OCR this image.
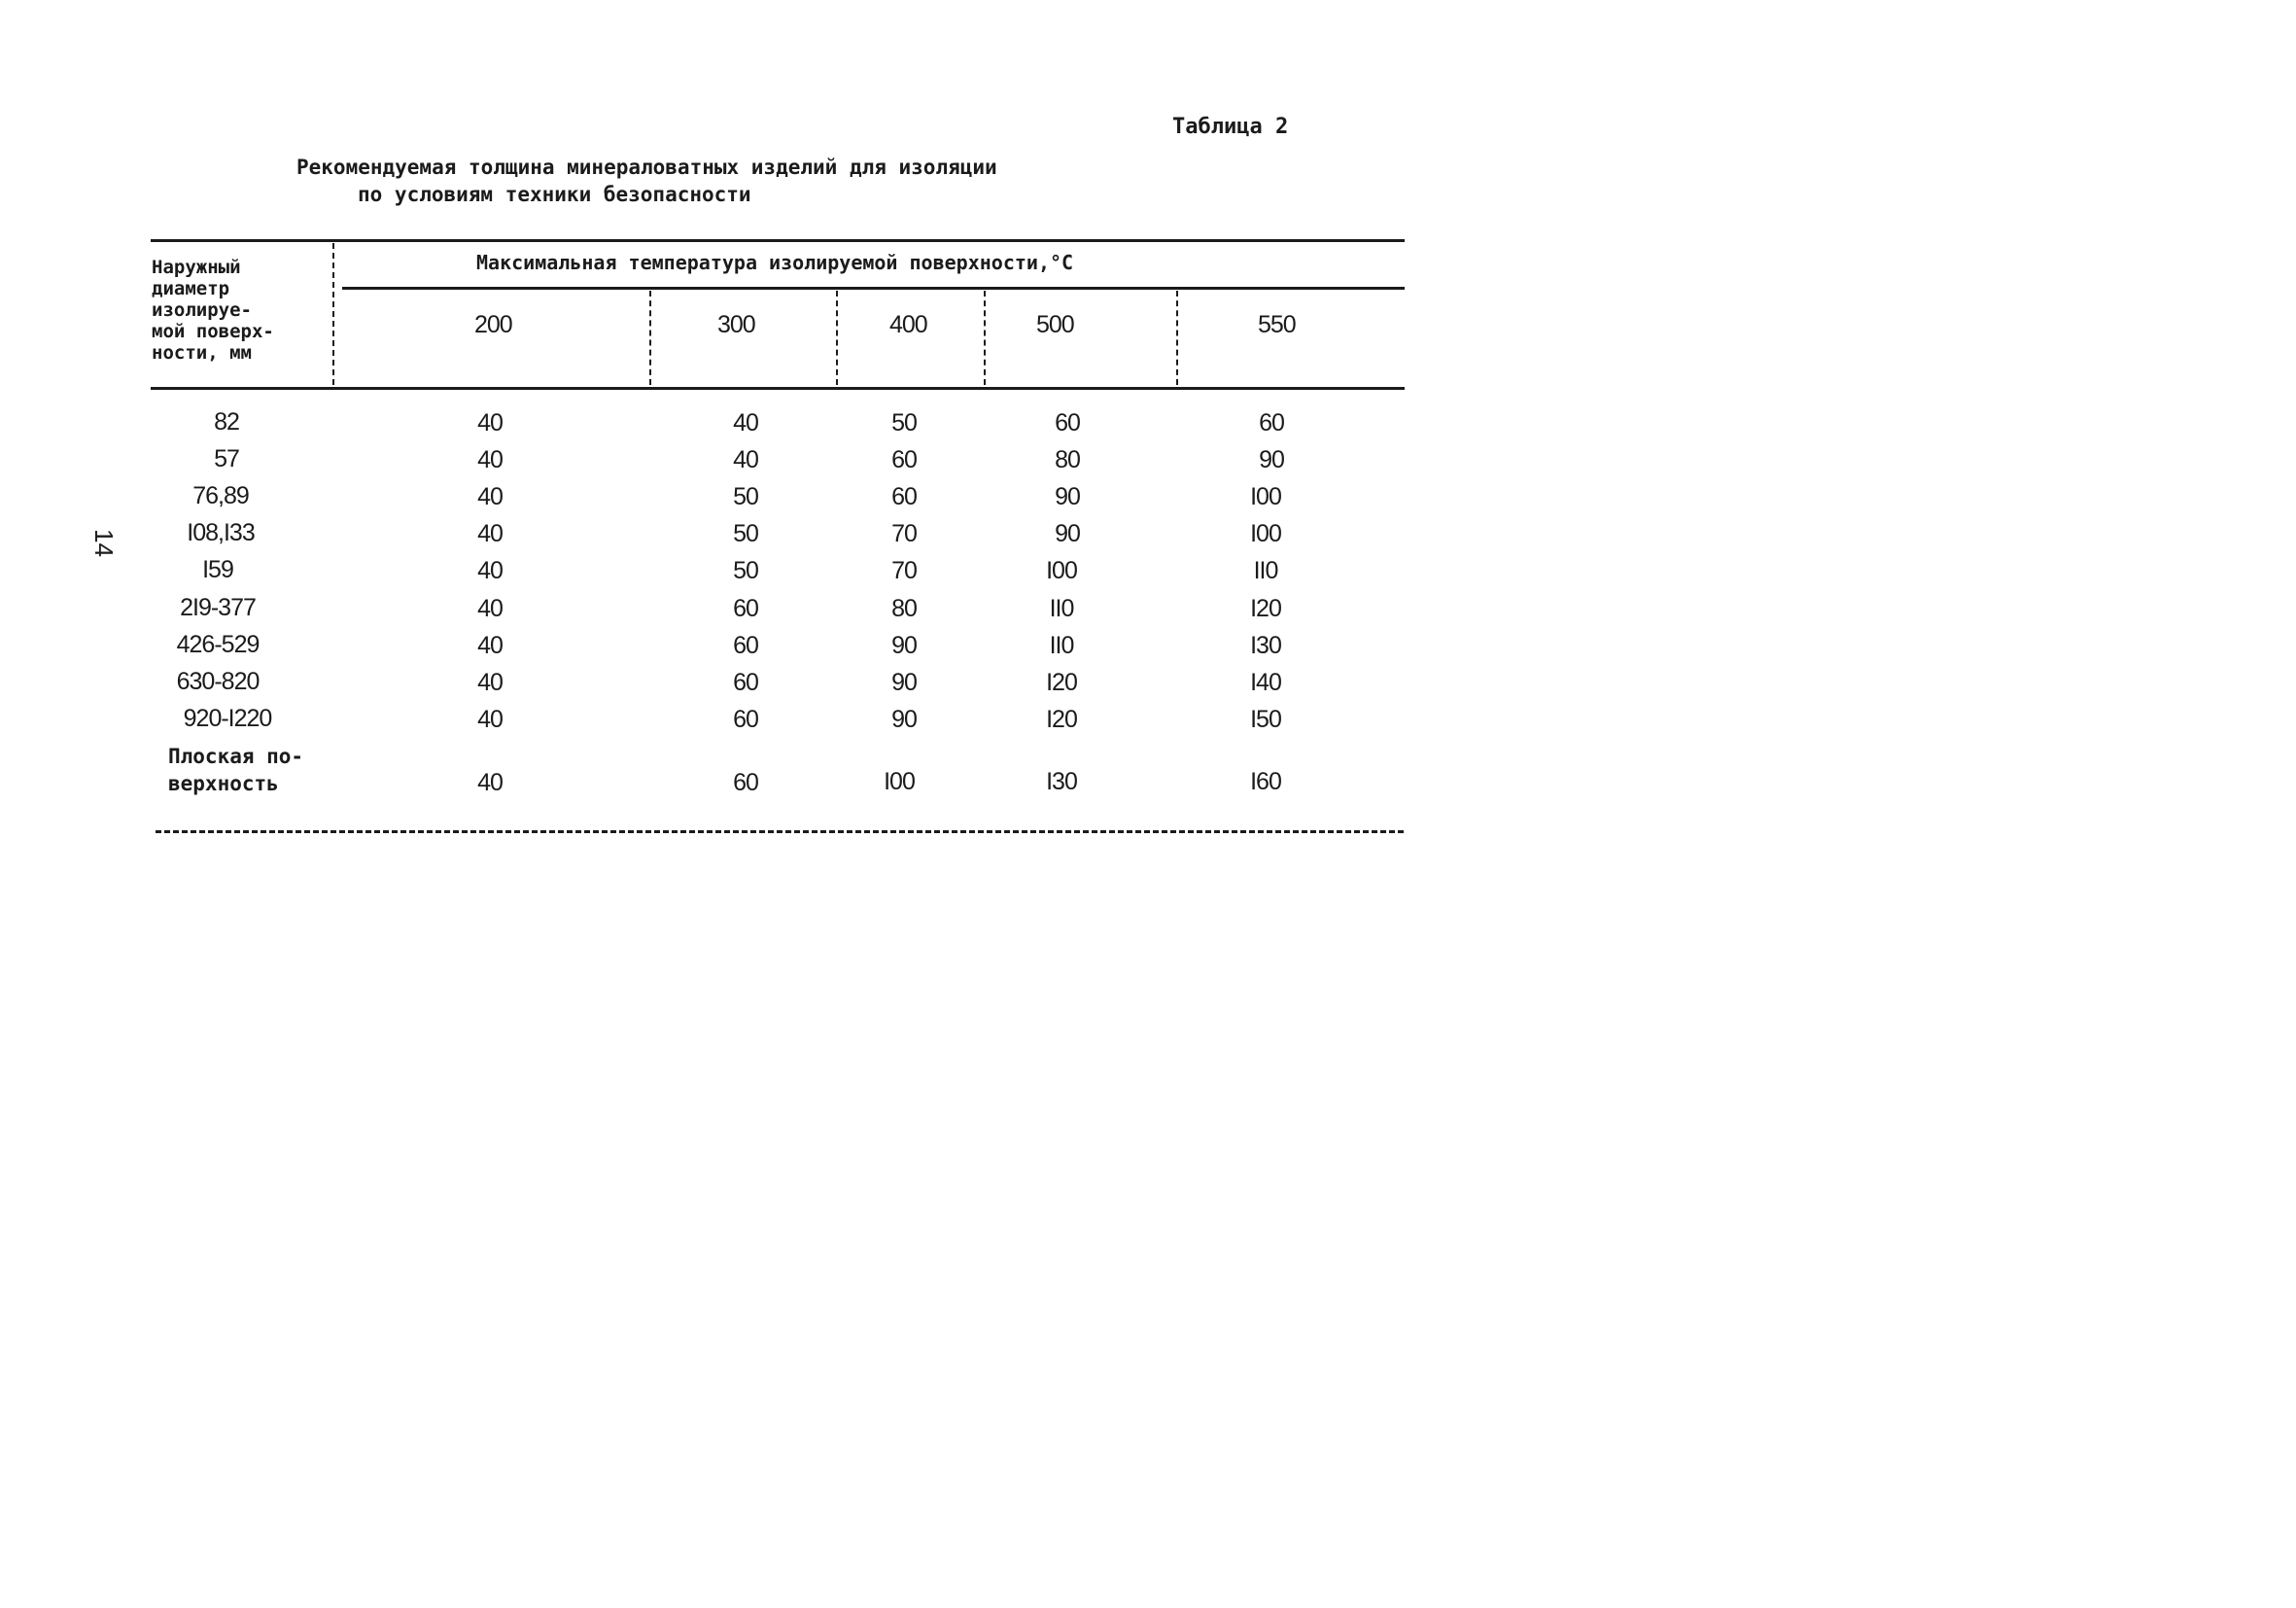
Таблица 2
Рекомендуемая толщина минераловатных изделий для изоляции
по условиям техники безопасности
14
Наружный
диаметр
изолируе-
мой поверх-
ности, мм
Максимальная температура изолируемой поверхности,°C
200	300	400	500	550
82	40	40	50	60	60
57	40	40	60	80	90
76,89	40	50	60	90	I00
I08,I33	40	50	70	90	I00
I59	40	50	70	I00	II0
2I9-377	40	60	80	II0	I20
426-529	40	60	90	II0	I30
630-820	40	60	90	I20	I40
920-I220	40	60	90	I20	I50
Плоская по-
верхность	40	60	I00	I30	I60
